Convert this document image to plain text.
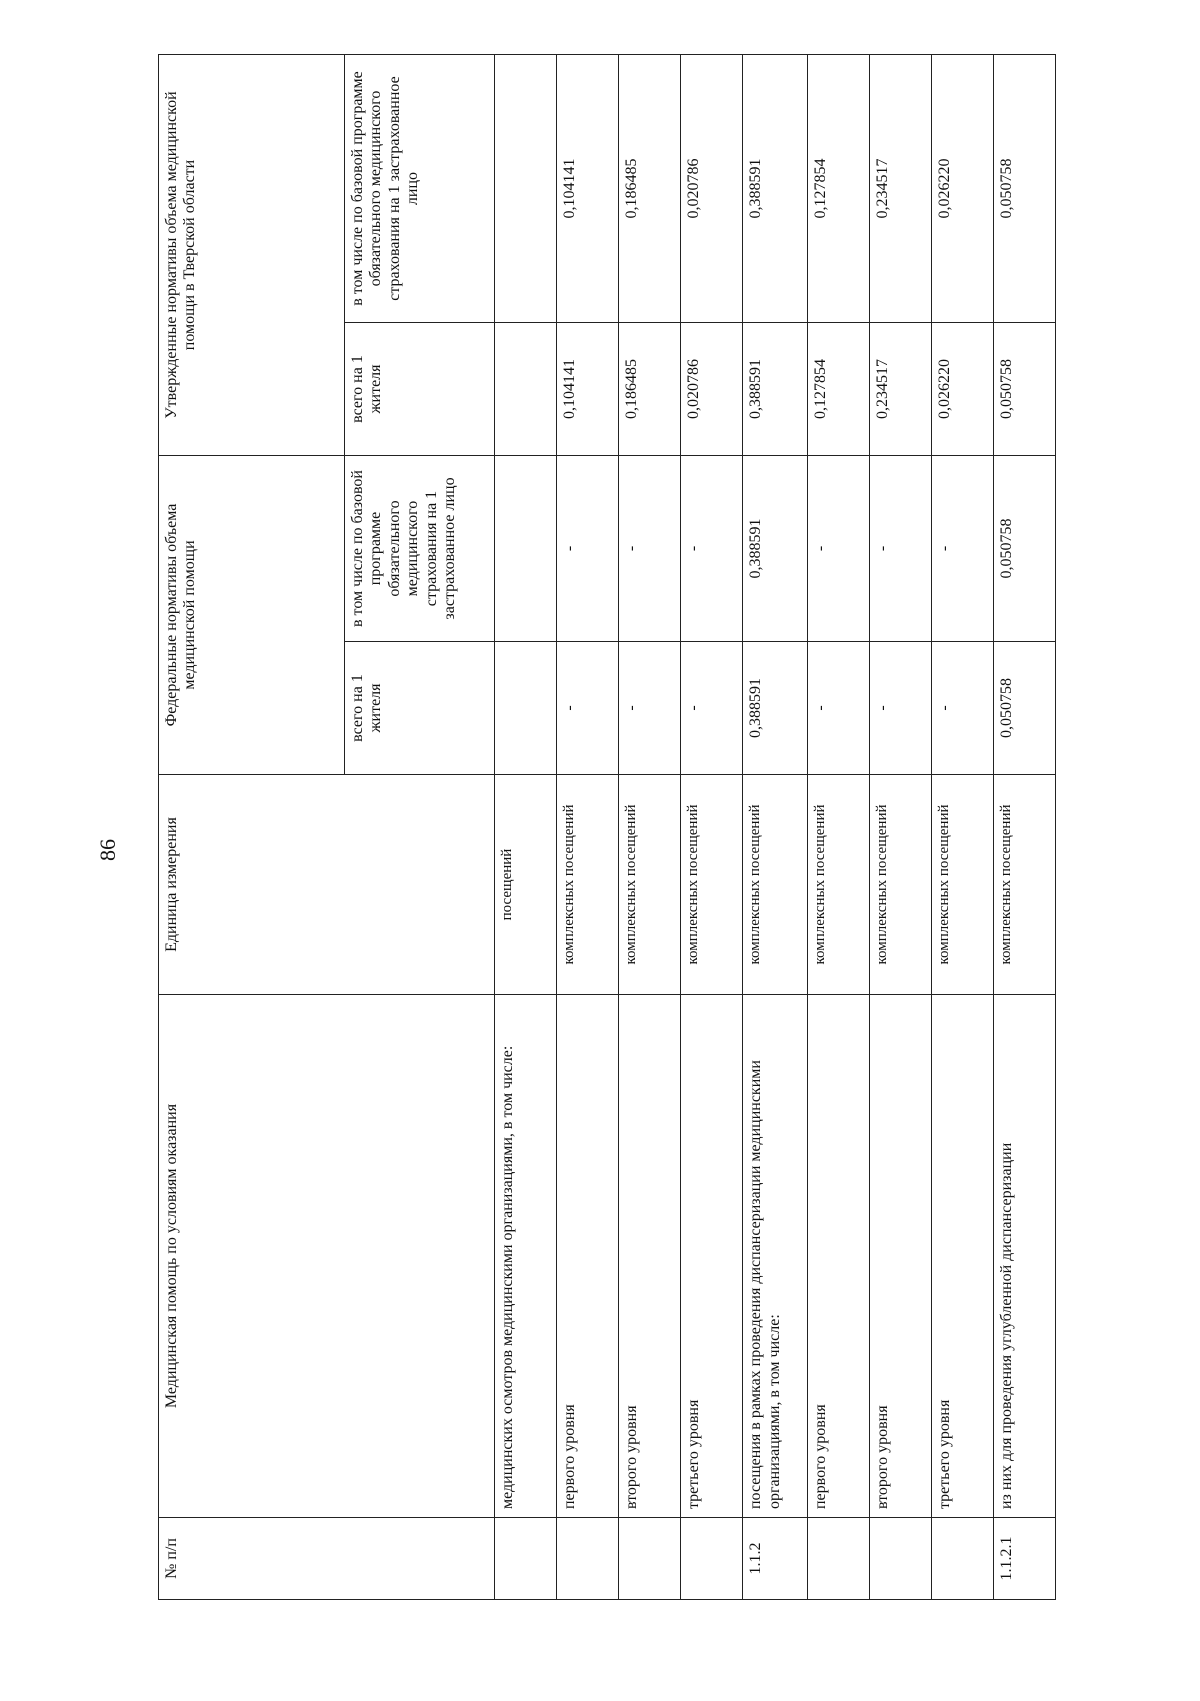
86
№ п/п	Медицинская помощь по условиям оказания	Единица измерения	Федеральные нормативы объема медицинской помощи		Утвержденные нормативы объема медицинской помощи в Тверской области	
			всего на 1 жителя	в том числе по базовой программе обязательного медицинского страхования на 1 застрахованное лицо	всего на 1 жителя	в том числе по базовой программе обязательного медицинского страхования на 1 застрахованное лицо
	медицинских осмотров медицинскими организациями, в том числе:	посещений				
	первого уровня	комплексных посещений	-	-	0,104141	0,104141
	второго уровня	комплексных посещений	-	-	0,186485	0,186485
	третьего уровня	комплексных посещений	-	-	0,020786	0,020786
1.1.2	посещения в рамках проведения диспансеризации медицинскими организациями, в том числе:	комплексных посещений	0,388591	0,388591	0,388591	0,388591
	первого уровня	комплексных посещений	-	-	0,127854	0,127854
	второго уровня	комплексных посещений	-	-	0,234517	0,234517
	третьего уровня	комплексных посещений	-	-	0,026220	0,026220
1.1.2.1	из них для проведения углубленной диспансеризации	комплексных посещений	0,050758	0,050758	0,050758	0,050758
